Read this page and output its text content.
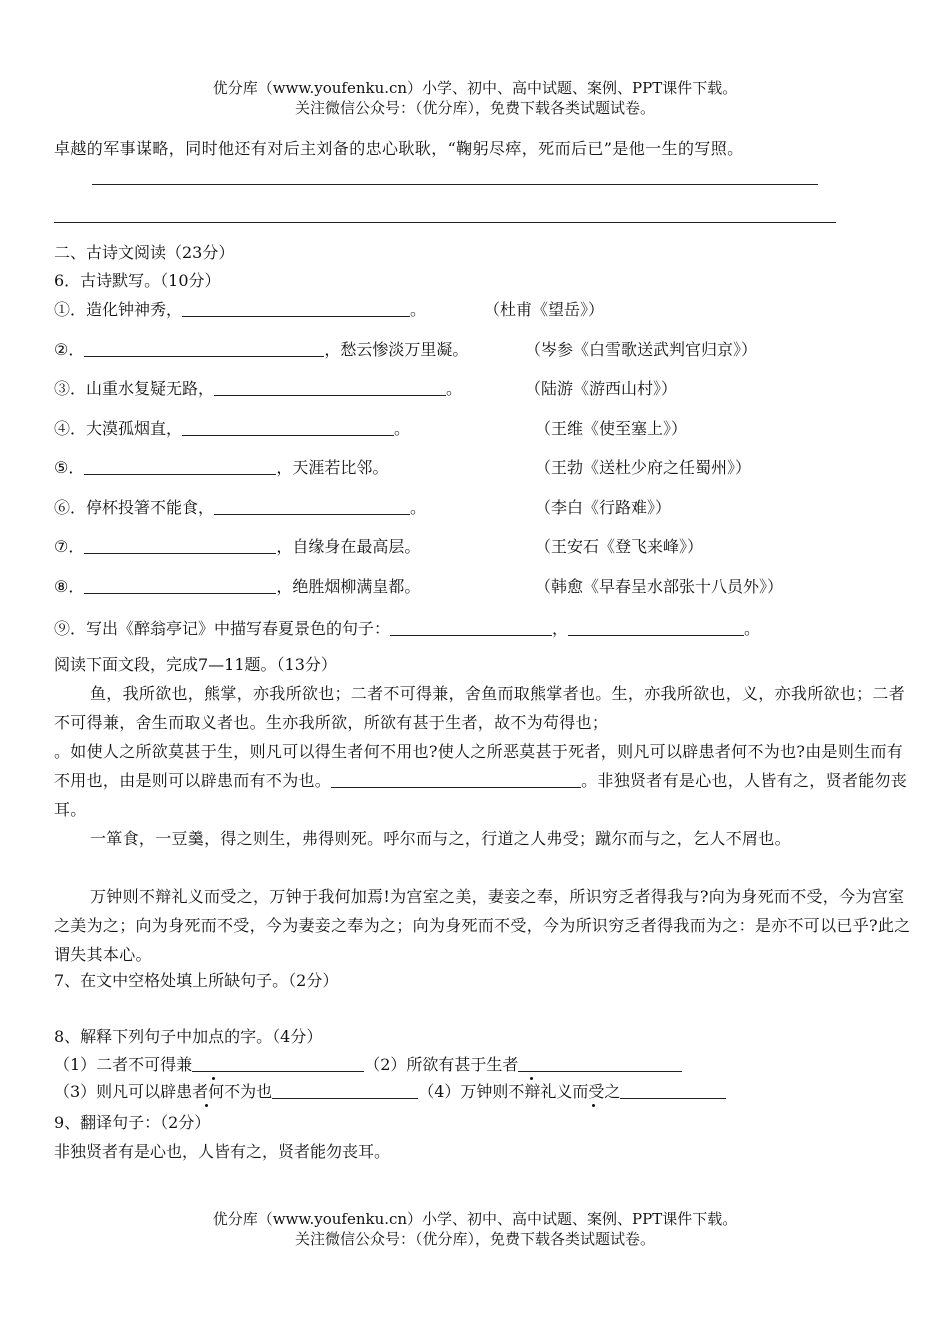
优分库（www.youfenku.cn）小学、初中、高中试题、案例、PPT课件下载。
关注微信公众号：（优分库），免费下载各类试题试卷。
卓越的军事谋略，同时他还有对后主刘备的忠心耿耿，“鞠躬尽瘁，死而后已”是他一生的写照。
二、古诗文阅读（23分）
6．古诗默写。（10分）
①．造化钟神秀，	。	（杜甫《望岳》）
②．	，愁云惨淡万里凝。	（岑参《白雪歌送武判官归京》）
③．山重水复疑无路，	。	（陆游《游西山村》）
④．大漠孤烟直，	。	（王维《使至塞上》）
⑤．	，天涯若比邻。	（王勃《送杜少府之任蜀州》）
⑥．停杯投箸不能食，	。	（李白《行路难》）
⑦．	，自缘身在最高层。	（王安石《登飞来峰》）
⑧．	，绝胜烟柳满皇都。	（韩愈《早春呈水部张十八员外》）
⑨．写出《醉翁亭记》中描写春夏景色的句子：	，	。
阅读下面文段，完成7—11题。（13分）
鱼，我所欲也，熊掌，亦我所欲也；二者不可得兼，舍鱼而取熊掌者也。生，亦我所欲也，义，亦我所欲也；二者不可得兼，舍生而取义者也。生亦我所欲，所欲有甚于生者，故不为苟得也；
。如使人之所欲莫甚于生，则凡可以得生者何不用也?使人之所恶莫甚于死者，则凡可以辟患者何不为也?由是则生而有不用也，由是则可以辟患而有不为也。	。非独贤者有是心也，人皆有之，贤者能勿丧耳。
一箪食，一豆羹，得之则生，弗得则死。呼尔而与之，行道之人弗受；蹴尔而与之，乞人不屑也。
万钟则不辩礼义而受之，万钟于我何加焉!为宫室之美，妻妾之奉，所识穷乏者得我与?向为身死而不受，今为宫室之美为之；向为身死而不受，今为妻妾之奉为之；向为身死而不受，今为所识穷乏者得我而为之：是亦不可以已乎?此之谓失其本心。
7、在文中空格处填上所缺句子。（2分）
8、解释下列句子中加点的字。（4分）
（1）二者不可得兼	（2）所欲有甚于生者
（3）则凡可以辟患者何不为也	（4）万钟则不辩礼义而受之
9、翻译句子：（2分）
非独贤者有是心也，人皆有之，贤者能勿丧耳。
优分库（www.youfenku.cn）小学、初中、高中试题、案例、PPT课件下载。
关注微信公众号：（优分库），免费下载各类试题试卷。
